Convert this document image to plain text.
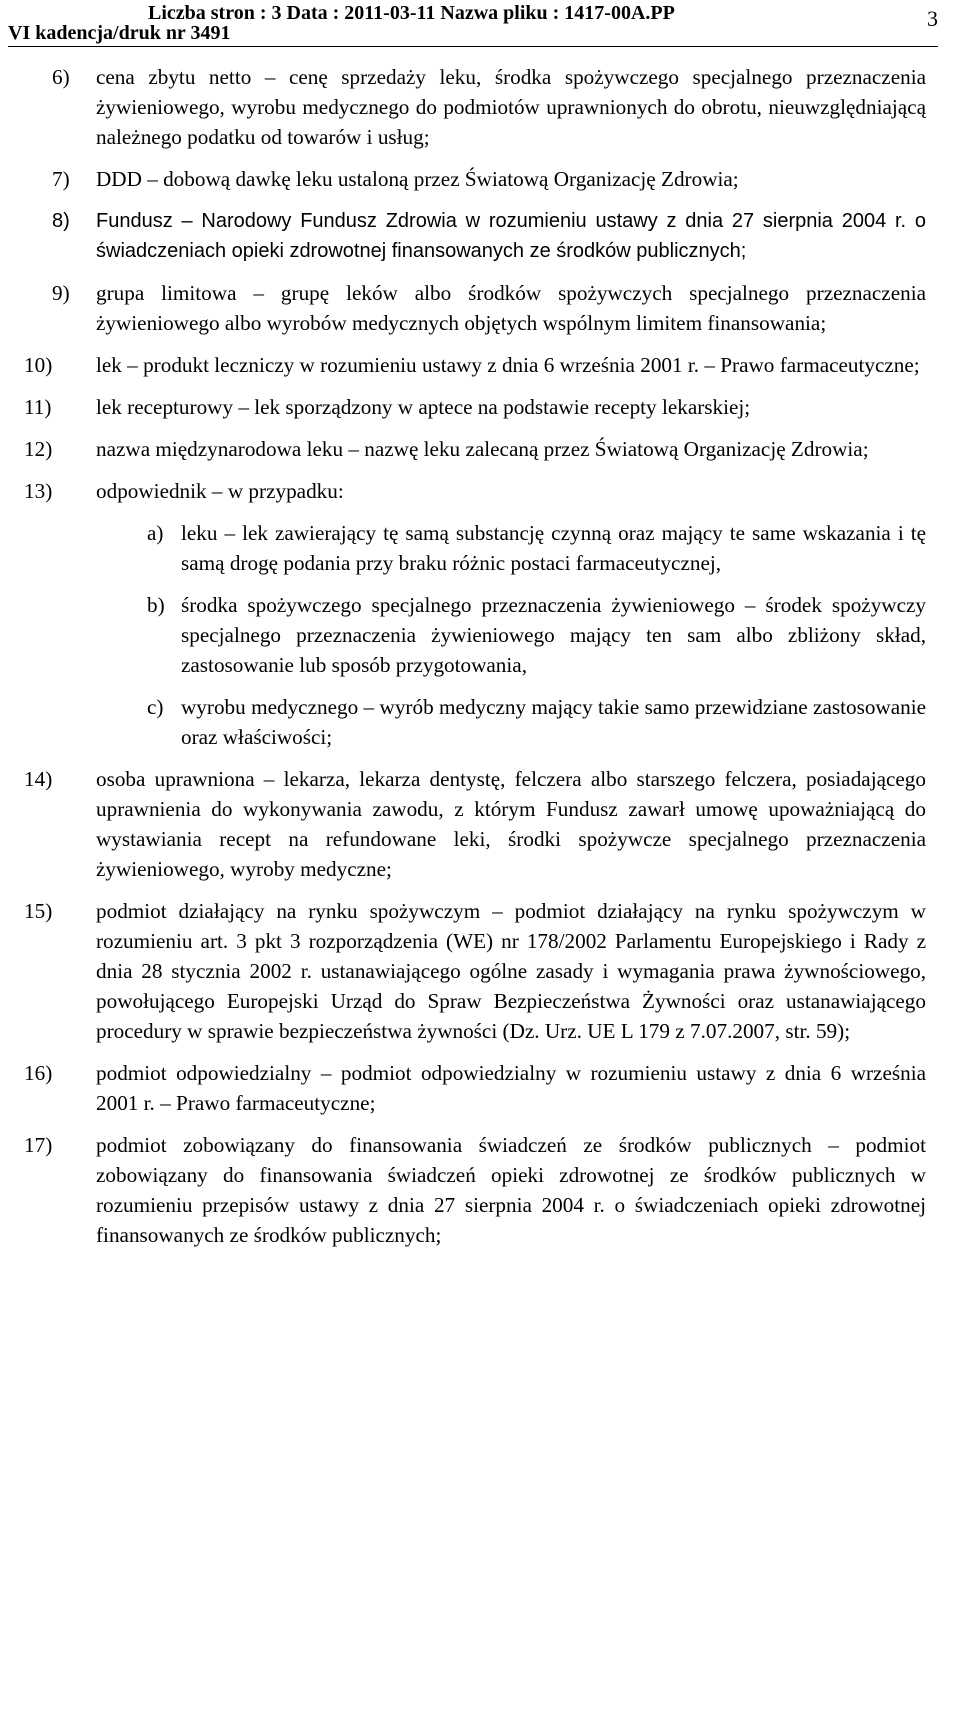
Liczba stron : 3 Data : 2011-03-11 Nazwa pliku : 1417-00A.PP
VI kadencja/druk nr 3491
3
6)	cena zbytu netto – cenę sprzedaży leku, środka spożywczego specjalnego przeznaczenia żywieniowego, wyrobu medycznego do podmiotów uprawnionych do obrotu, nieuwzględniającą należnego podatku od towarów i usług;
7)	DDD – dobową dawkę leku ustaloną przez Światową Organizację Zdrowia;
8)	Fundusz – Narodowy Fundusz Zdrowia w rozumieniu ustawy z dnia 27 sierpnia 2004 r. o świadczeniach opieki zdrowotnej finansowanych ze środków publicznych;
9)	grupa limitowa – grupę leków albo środków spożywczych specjalnego przeznaczenia żywieniowego albo wyrobów medycznych objętych wspólnym limitem finansowania;
10)	lek – produkt leczniczy w rozumieniu ustawy z dnia 6 września 2001 r. – Prawo farmaceutyczne;
11)	lek recepturowy – lek sporządzony w aptece na podstawie recepty lekarskiej;
12)	nazwa międzynarodowa leku – nazwę leku zalecaną przez Światową Organizację Zdrowia;
13)	odpowiednik – w przypadku:
a) leku – lek zawierający tę samą substancję czynną oraz mający te same wskazania i tę samą drogę podania przy braku różnic postaci farmaceutycznej,
b) środka spożywczego specjalnego przeznaczenia żywieniowego – środek spożywczy specjalnego przeznaczenia żywieniowego mający ten sam albo zbliżony skład, zastosowanie lub sposób przygotowania,
c) wyrobu medycznego – wyrób medyczny mający takie samo przewidziane zastosowanie oraz właściwości;
14)	osoba uprawniona – lekarza, lekarza dentystę, felczera albo starszego felczera, posiadającego uprawnienia do wykonywania zawodu, z którym Fundusz zawarł umowę upoważniającą do wystawiania recept na refundowane leki, środki spożywcze specjalnego przeznaczenia żywieniowego, wyroby medyczne;
15)	podmiot działający na rynku spożywczym – podmiot działający na rynku spożywczym w rozumieniu art. 3 pkt 3 rozporządzenia (WE) nr 178/2002 Parlamentu Europejskiego i Rady z dnia 28 stycznia 2002 r. ustanawiającego ogólne zasady i wymagania prawa żywnościowego, powołującego Europejski Urząd do Spraw Bezpieczeństwa Żywności oraz ustanawiającego procedury w sprawie bezpieczeństwa żywności (Dz. Urz. UE L 179 z 7.07.2007, str. 59);
16)	podmiot odpowiedzialny – podmiot odpowiedzialny w rozumieniu ustawy z dnia 6 września 2001 r. – Prawo farmaceutyczne;
17)	podmiot zobowiązany do finansowania świadczeń ze środków publicznych – podmiot zobowiązany do finansowania świadczeń opieki zdrowotnej ze środków publicznych w rozumieniu przepisów ustawy z dnia 27 sierpnia 2004 r. o świadczeniach opieki zdrowotnej finansowanych ze środków publicznych;
